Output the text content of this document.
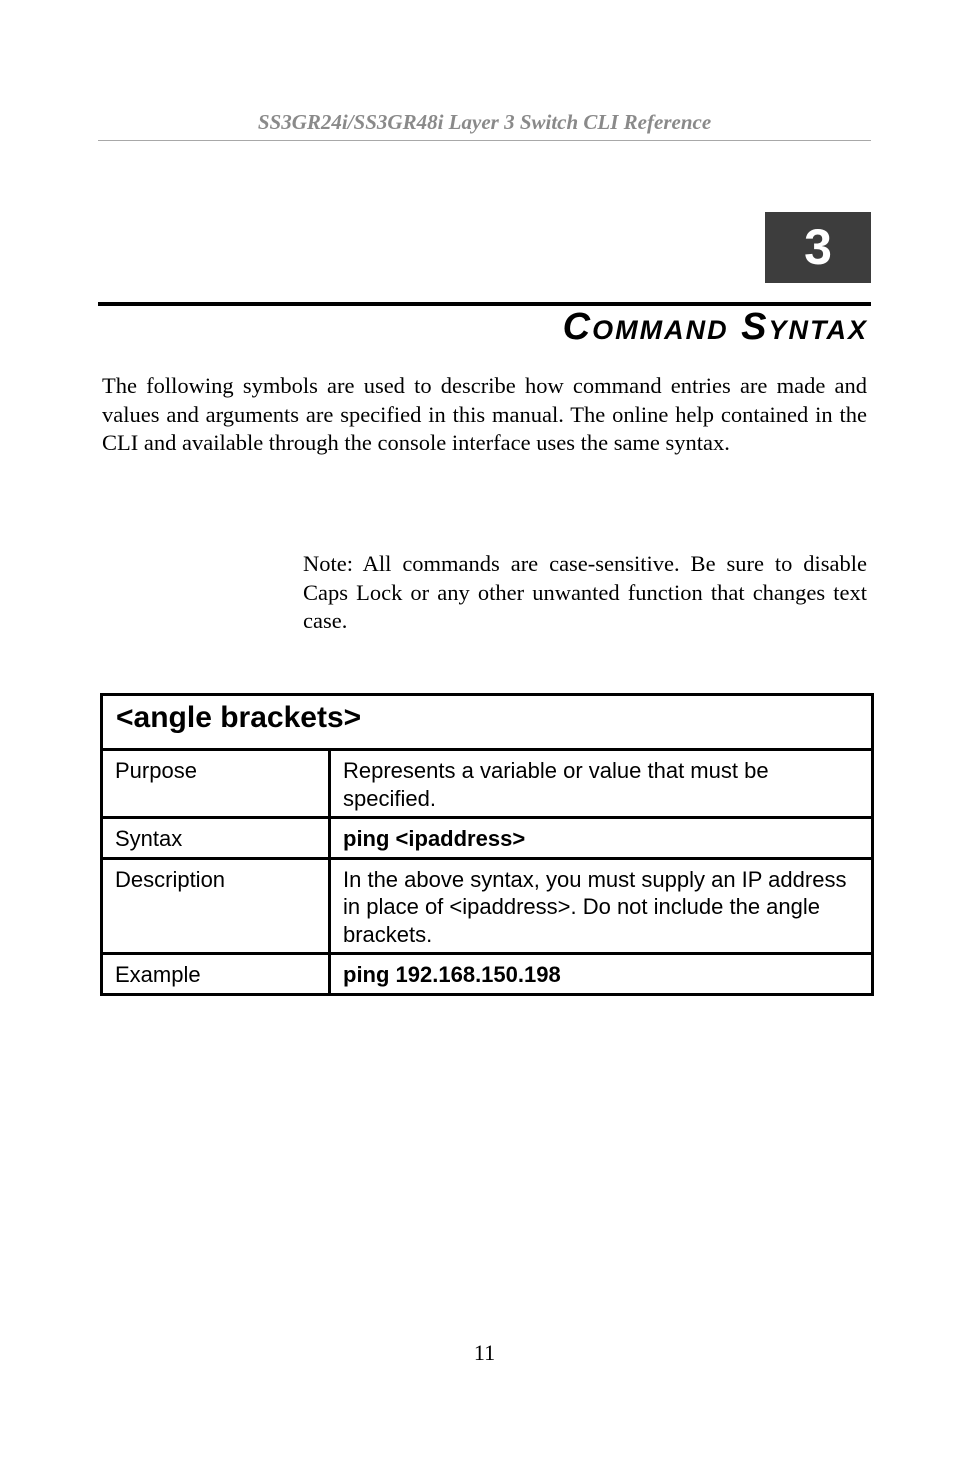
SS3GR24i/SS3GR48i Layer 3 Switch CLI Reference
3
Command Syntax

The following symbols are used to describe how command entries are made and values and arguments are specified in this manual. The online help contained in the CLI and available through the console interface uses the same syntax.

Note: All commands are case-sensitive. Be sure to disable Caps Lock or any other unwanted function that changes text case.

<angle brackets>	
Purpose	Represents a variable or value that must be specified.
Syntax	ping <ipaddress>
Description	In the above syntax, you must supply an IP address in place of <ipaddress>. Do not include the angle brackets.
Example	ping 192.168.150.198
11
